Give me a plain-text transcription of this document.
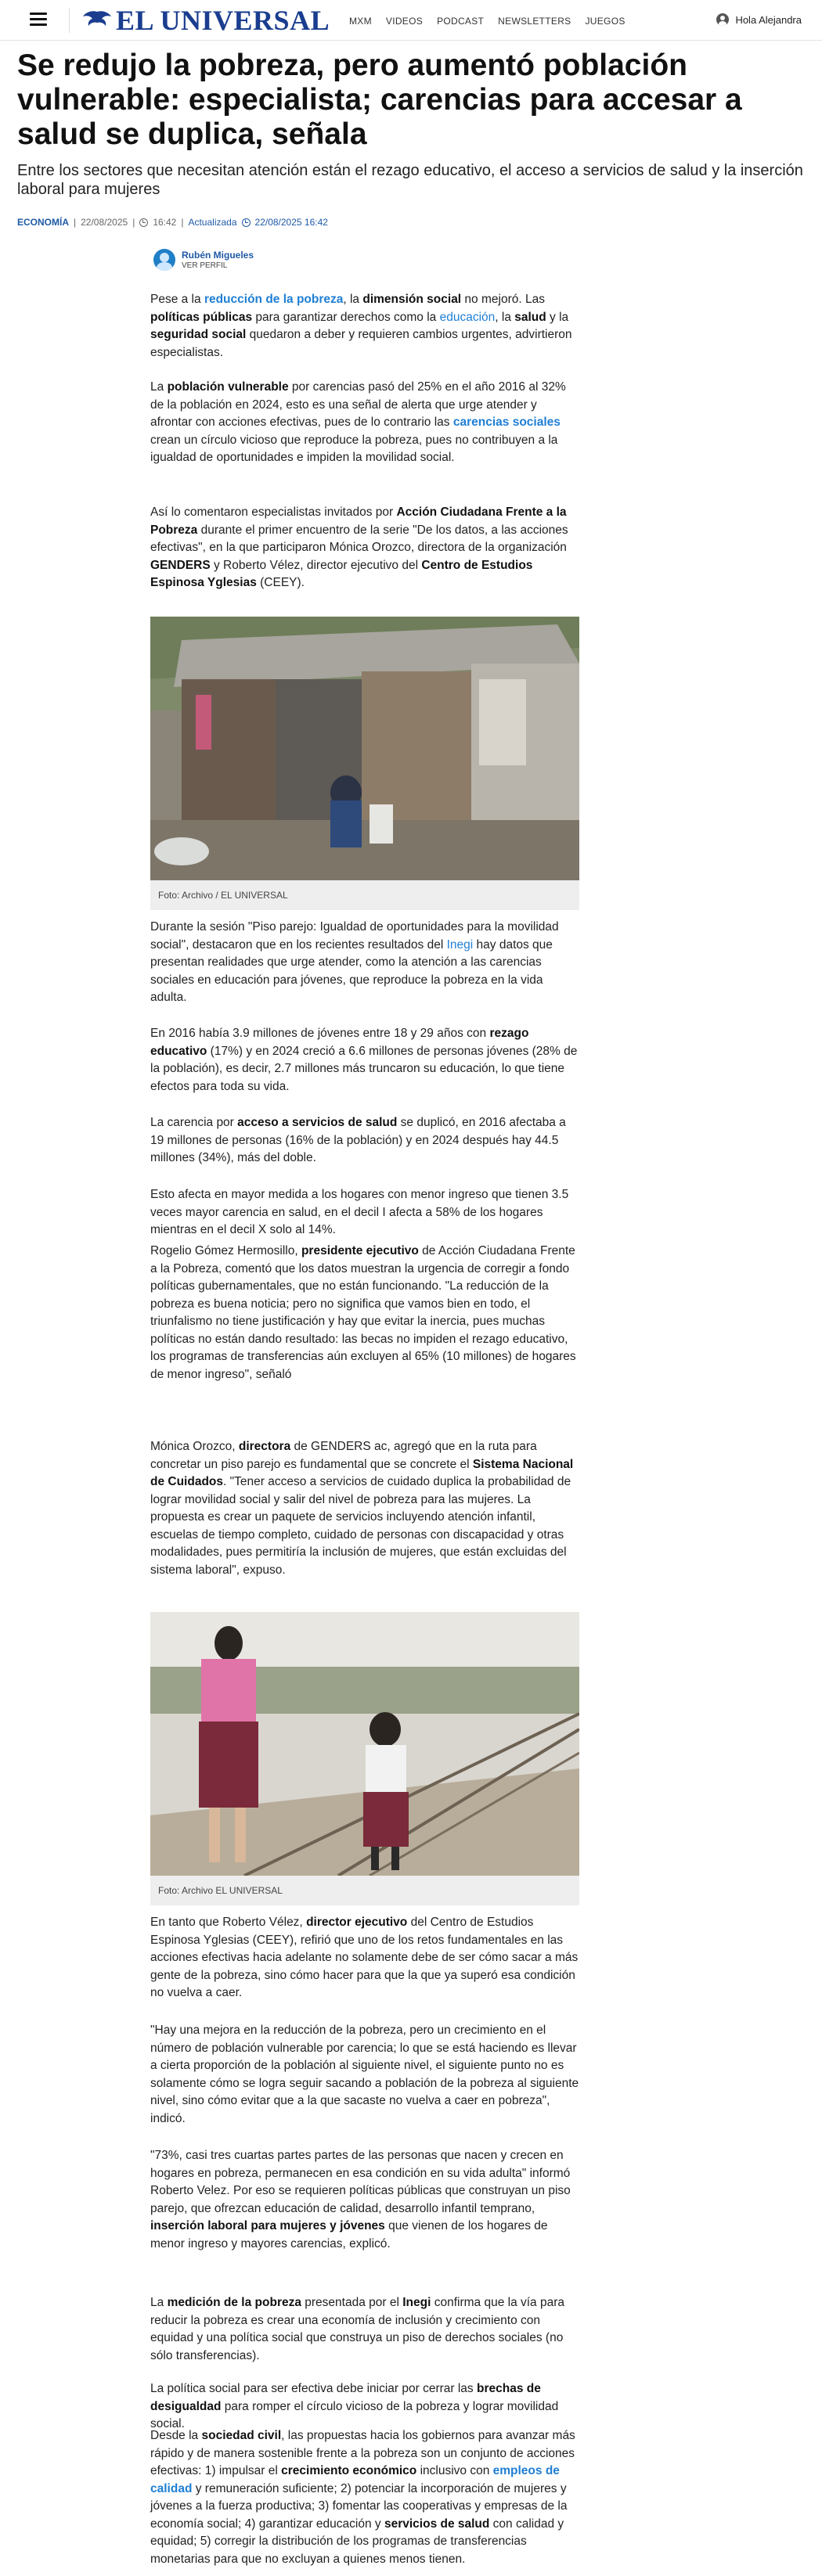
EL UNIVERSAL MXM VIDEOS PODCAST NEWSLETTERS JUEGOS	Hola Alejandra
Se redujo la pobreza, pero aumentó población vulnerable: especialista; carencias para accesar a salud se duplica, señala

Entre los sectores que necesitan atención están el rezago educativo, el acceso a servicios de salud y la inserción laboral para mujeres

ECONOMÍA | 22/08/2025 | 16:42 | Actualizada 22/08/2025 16:42
Rubén Migueles
VER PERFIL

Pese a la reducción de la pobreza, la dimensión social no mejoró. Las políticas públicas para garantizar derechos como la educación, la salud y la seguridad social quedaron a deber y requieren cambios urgentes, advirtieron especialistas.

La población vulnerable por carencias pasó del 25% en el año 2016 al 32% de la población en 2024, esto es una señal de alerta que urge atender y afrontar con acciones efectivas, pues de lo contrario las carencias sociales crean un círculo vicioso que reproduce la pobreza, pues no contribuyen a la igualdad de oportunidades e impiden la movilidad social.

Así lo comentaron especialistas invitados por Acción Ciudadana Frente a la Pobreza durante el primer encuentro de la serie "De los datos, a las acciones efectivas", en la que participaron Mónica Orozco, directora de la organización GENDERS y Roberto Vélez, director ejecutivo del Centro de Estudios Espinosa Yglesias (CEEY).

Foto: Archivo / EL UNIVERSAL

Durante la sesión "Piso parejo: Igualdad de oportunidades para la movilidad social", destacaron que en los recientes resultados del Inegi hay datos que presentan realidades que urge atender, como la atención a las carencias sociales en educación para jóvenes, que reproduce la pobreza en la vida adulta.

En 2016 había 3.9 millones de jóvenes entre 18 y 29 años con rezago educativo (17%) y en 2024 creció a 6.6 millones de personas jóvenes (28% de la población), es decir, 2.7 millones más truncaron su educación, lo que tiene efectos para toda su vida.

La carencia por acceso a servicios de salud se duplicó, en 2016 afectaba a 19 millones de personas (16% de la población) y en 2024 después hay 44.5 millones (34%), más del doble.

Esto afecta en mayor medida a los hogares con menor ingreso que tienen 3.5 veces mayor carencia en salud, en el decil I afecta a 58% de los hogares mientras en el decil X solo al 14%.

Rogelio Gómez Hermosillo, presidente ejecutivo de Acción Ciudadana Frente a la Pobreza, comentó que los datos muestran la urgencia de corregir a fondo políticas gubernamentales, que no están funcionando. "La reducción de la pobreza es buena noticia; pero no significa que vamos bien en todo, el triunfalismo no tiene justificación y hay que evitar la inercia, pues muchas políticas no están dando resultado: las becas no impiden el rezago educativo, los programas de transferencias aún excluyen al 65% (10 millones) de hogares de menor ingreso", señaló

Mónica Orozco, directora de GENDERS ac, agregó que en la ruta para concretar un piso parejo es fundamental que se concrete el Sistema Nacional de Cuidados. "Tener acceso a servicios de cuidado duplica la probabilidad de lograr movilidad social y salir del nivel de pobreza para las mujeres. La propuesta es crear un paquete de servicios incluyendo atención infantil, escuelas de tiempo completo, cuidado de personas con discapacidad y otras modalidades, pues permitiría la inclusión de mujeres, que están excluidas del sistema laboral", expuso.

Foto: Archivo EL UNIVERSAL

En tanto que Roberto Vélez, director ejecutivo del Centro de Estudios Espinosa Yglesias (CEEY), refirió que uno de los retos fundamentales en las acciones efectivas hacia adelante no solamente debe de ser cómo sacar a más gente de la pobreza, sino cómo hacer para que la que ya superó esa condición no vuelva a caer.

"Hay una mejora en la reducción de la pobreza, pero un crecimiento en el número de población vulnerable por carencia; lo que se está haciendo es llevar a cierta proporción de la población al siguiente nivel, el siguiente punto no es solamente cómo se logra seguir sacando a población de la pobreza al siguiente nivel, sino cómo evitar que a la que sacaste no vuelva a caer en pobreza", indicó.

"73%, casi tres cuartas partes partes de las personas que nacen y crecen en hogares en pobreza, permanecen en esa condición en su vida adulta" informó Roberto Velez. Por eso se requieren políticas públicas que construyan un piso parejo, que ofrezcan educación de calidad, desarrollo infantil temprano, inserción laboral para mujeres y jóvenes que vienen de los hogares de menor ingreso y mayores carencias, explicó.

La medición de la pobreza presentada por el Inegi confirma que la vía para reducir la pobreza es crear una economía de inclusión y crecimiento con equidad y una política social que construya un piso de derechos sociales (no sólo transferencias).

La política social para ser efectiva debe iniciar por cerrar las brechas de desigualdad para romper el círculo vicioso de la pobreza y lograr movilidad social.

Desde la sociedad civil, las propuestas hacia los gobiernos para avanzar más rápido y de manera sostenible frente a la pobreza son un conjunto de acciones efectivas: 1) impulsar el crecimiento económico inclusivo con empleos de calidad y remuneración suficiente; 2) potenciar la incorporación de mujeres y jóvenes a la fuerza productiva; 3) fomentar las cooperativas y empresas de la economía social; 4) garantizar educación y servicios de salud con calidad y equidad; 5) corregir la distribución de los programas de transferencias monetarias para que no excluyan a quienes menos tienen.
